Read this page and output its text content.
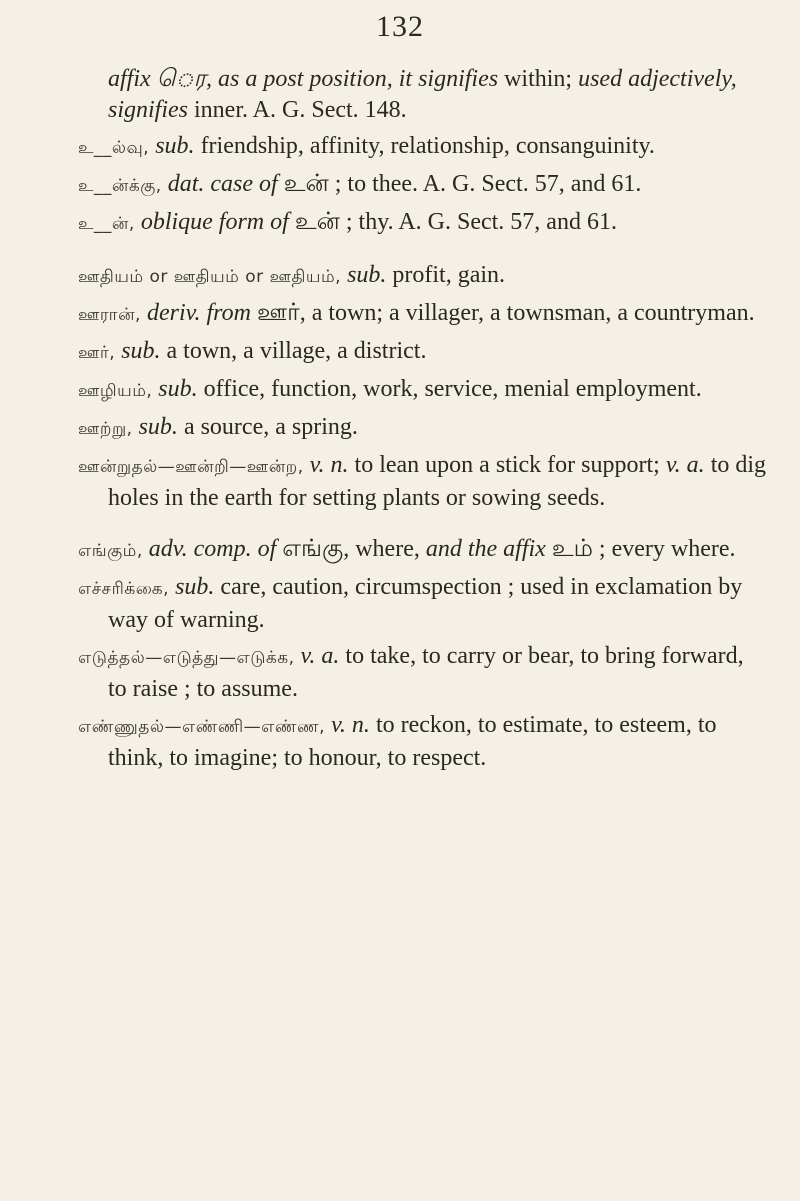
132

affix ெர, as a post position, it signifies within; used adjectively, signifies inner. A. G. Sect. 148.

உ__ல்வு, sub. friendship, affinity, relationship, consanguinity.

உ__ன்க்கு, dat. case of உன் ; to thee. A. G. Sect. 57, and 61.

உ__ன், oblique form of உன் ; thy. A. G. Sect. 57, and 61.

ஊதியம் or ஊதியம் or ஊதியம், sub. profit, gain.

ஊரான், deriv. from ஊர், a town; a villager, a townsman, a countryman.

ஊர், sub. a town, a village, a district.

ஊழியம், sub. office, function, work, service, menial employment.

ஊற்று, sub. a source, a spring.

ஊன்றுதல்—ஊன்றி—ஊன்ற, v. n. to lean upon a stick for support; v. a. to dig holes in the earth for setting plants or sowing seeds.

எங்கும், adv. comp. of எங்கு, where, and the affix உம் ; every where.

எச்சரிக்கை, sub. care, caution, circumspection ; used in exclamation by way of warning.

எடுத்தல்—எடுத்து—எடுக்க, v. a. to take, to carry or bear, to bring forward, to raise ; to assume.

எண்ணுதல்—எண்ணி—எண்ண, v. n. to reckon, to estimate, to esteem, to think, to imagine; to honour, to respect.
